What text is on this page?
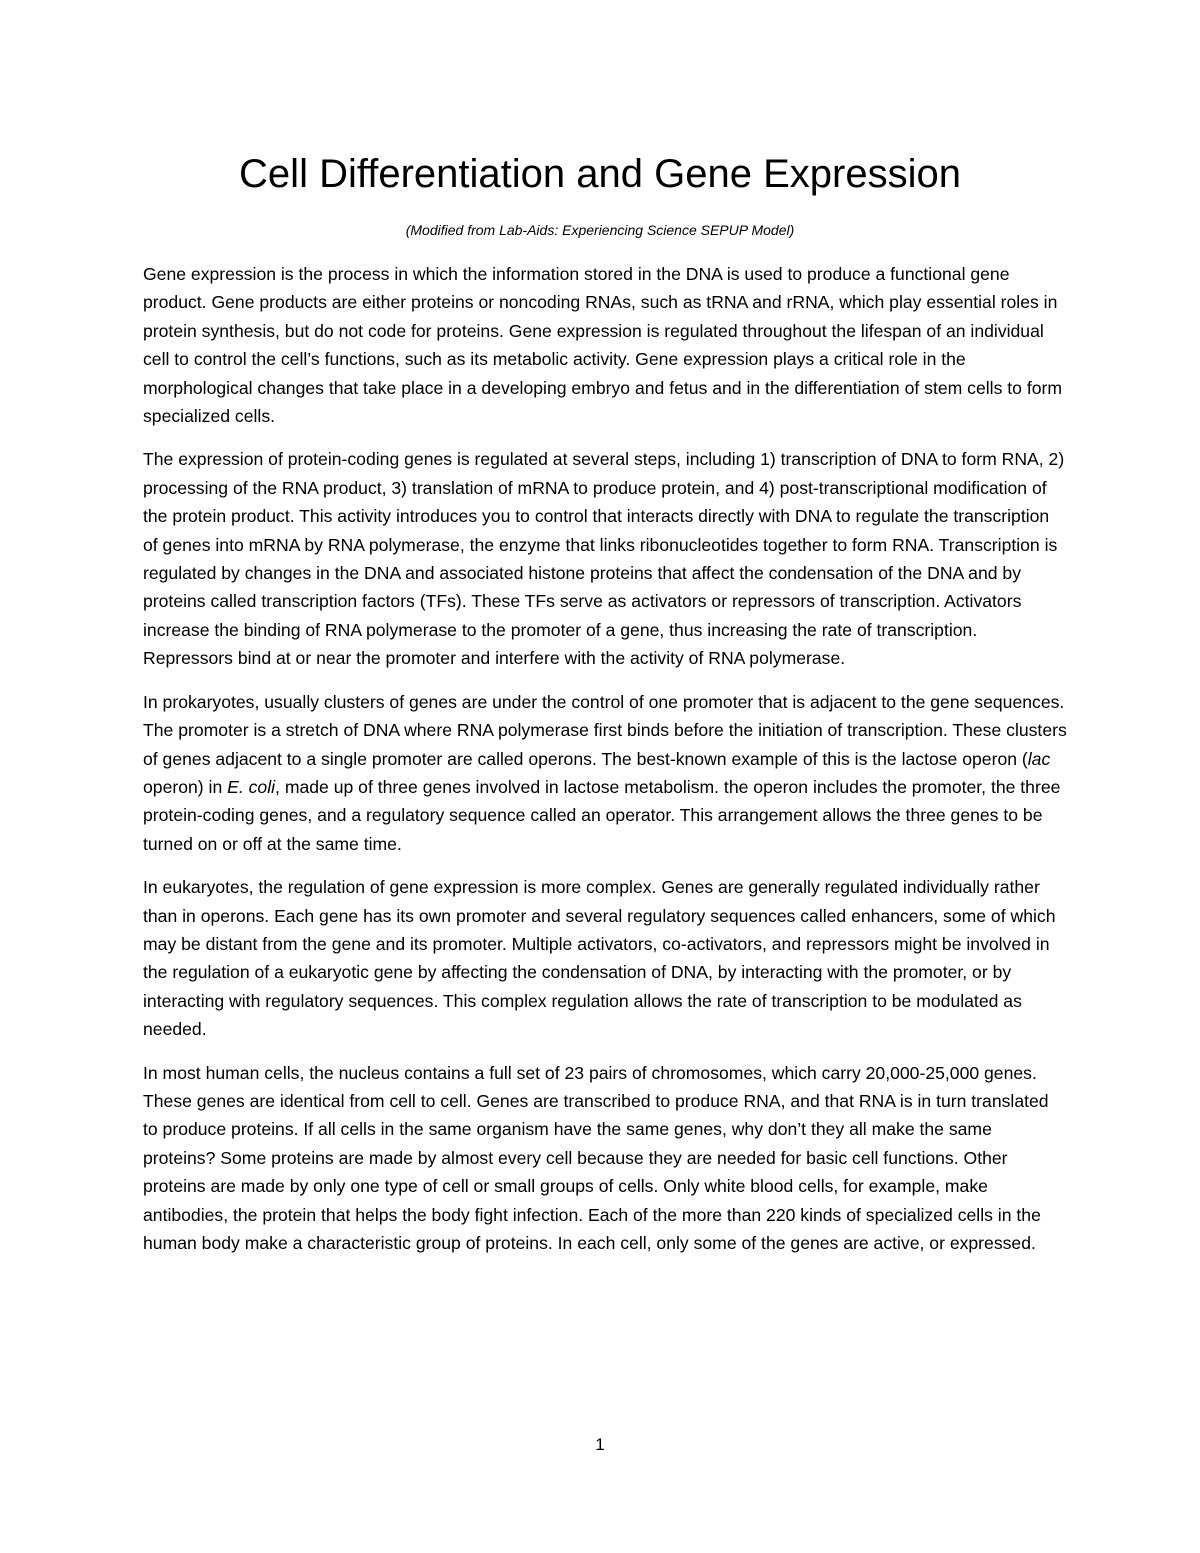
Cell Differentiation and Gene Expression

(Modified from Lab-Aids: Experiencing Science SEPUP Model)

Gene expression is the process in which the information stored in the DNA is used to produce a functional gene product. Gene products are either proteins or noncoding RNAs, such as tRNA and rRNA, which play essential roles in protein synthesis, but do not code for proteins. Gene expression is regulated throughout the lifespan of an individual cell to control the cell’s functions, such as its metabolic activity. Gene expression plays a critical role in the morphological changes that take place in a developing embryo and fetus and in the differentiation of stem cells to form specialized cells.

The expression of protein-coding genes is regulated at several steps, including 1) transcription of DNA to form RNA, 2) processing of the RNA product, 3) translation of mRNA to produce protein, and 4) post-transcriptional modification of the protein product. This activity introduces you to control that interacts directly with DNA to regulate the transcription of genes into mRNA by RNA polymerase, the enzyme that links ribonucleotides together to form RNA. Transcription is regulated by changes in the DNA and associated histone proteins that affect the condensation of the DNA and by proteins called transcription factors (TFs). These TFs serve as activators or repressors of transcription. Activators increase the binding of RNA polymerase to the promoter of a gene, thus increasing the rate of transcription. Repressors bind at or near the promoter and interfere with the activity of RNA polymerase.

In prokaryotes, usually clusters of genes are under the control of one promoter that is adjacent to the gene sequences. The promoter is a stretch of DNA where RNA polymerase first binds before the initiation of transcription. These clusters of genes adjacent to a single promoter are called operons. The best-known example of this is the lactose operon (lac operon) in E. coli, made up of three genes involved in lactose metabolism. the operon includes the promoter, the three protein-coding genes, and a regulatory sequence called an operator. This arrangement allows the three genes to be turned on or off at the same time.

In eukaryotes, the regulation of gene expression is more complex. Genes are generally regulated individually rather than in operons. Each gene has its own promoter and several regulatory sequences called enhancers, some of which may be distant from the gene and its promoter. Multiple activators, co-activators, and repressors might be involved in the regulation of a eukaryotic gene by affecting the condensation of DNA, by interacting with the promoter, or by interacting with regulatory sequences. This complex regulation allows the rate of transcription to be modulated as needed.

In most human cells, the nucleus contains a full set of 23 pairs of chromosomes, which carry 20,000-25,000 genes. These genes are identical from cell to cell. Genes are transcribed to produce RNA, and that RNA is in turn translated to produce proteins. If all cells in the same organism have the same genes, why don’t they all make the same proteins? Some proteins are made by almost every cell because they are needed for basic cell functions. Other proteins are made by only one type of cell or small groups of cells. Only white blood cells, for example, make antibodies, the protein that helps the body fight infection. Each of the more than 220 kinds of specialized cells in the human body make a characteristic group of proteins. In each cell, only some of the genes are active, or expressed.

1
